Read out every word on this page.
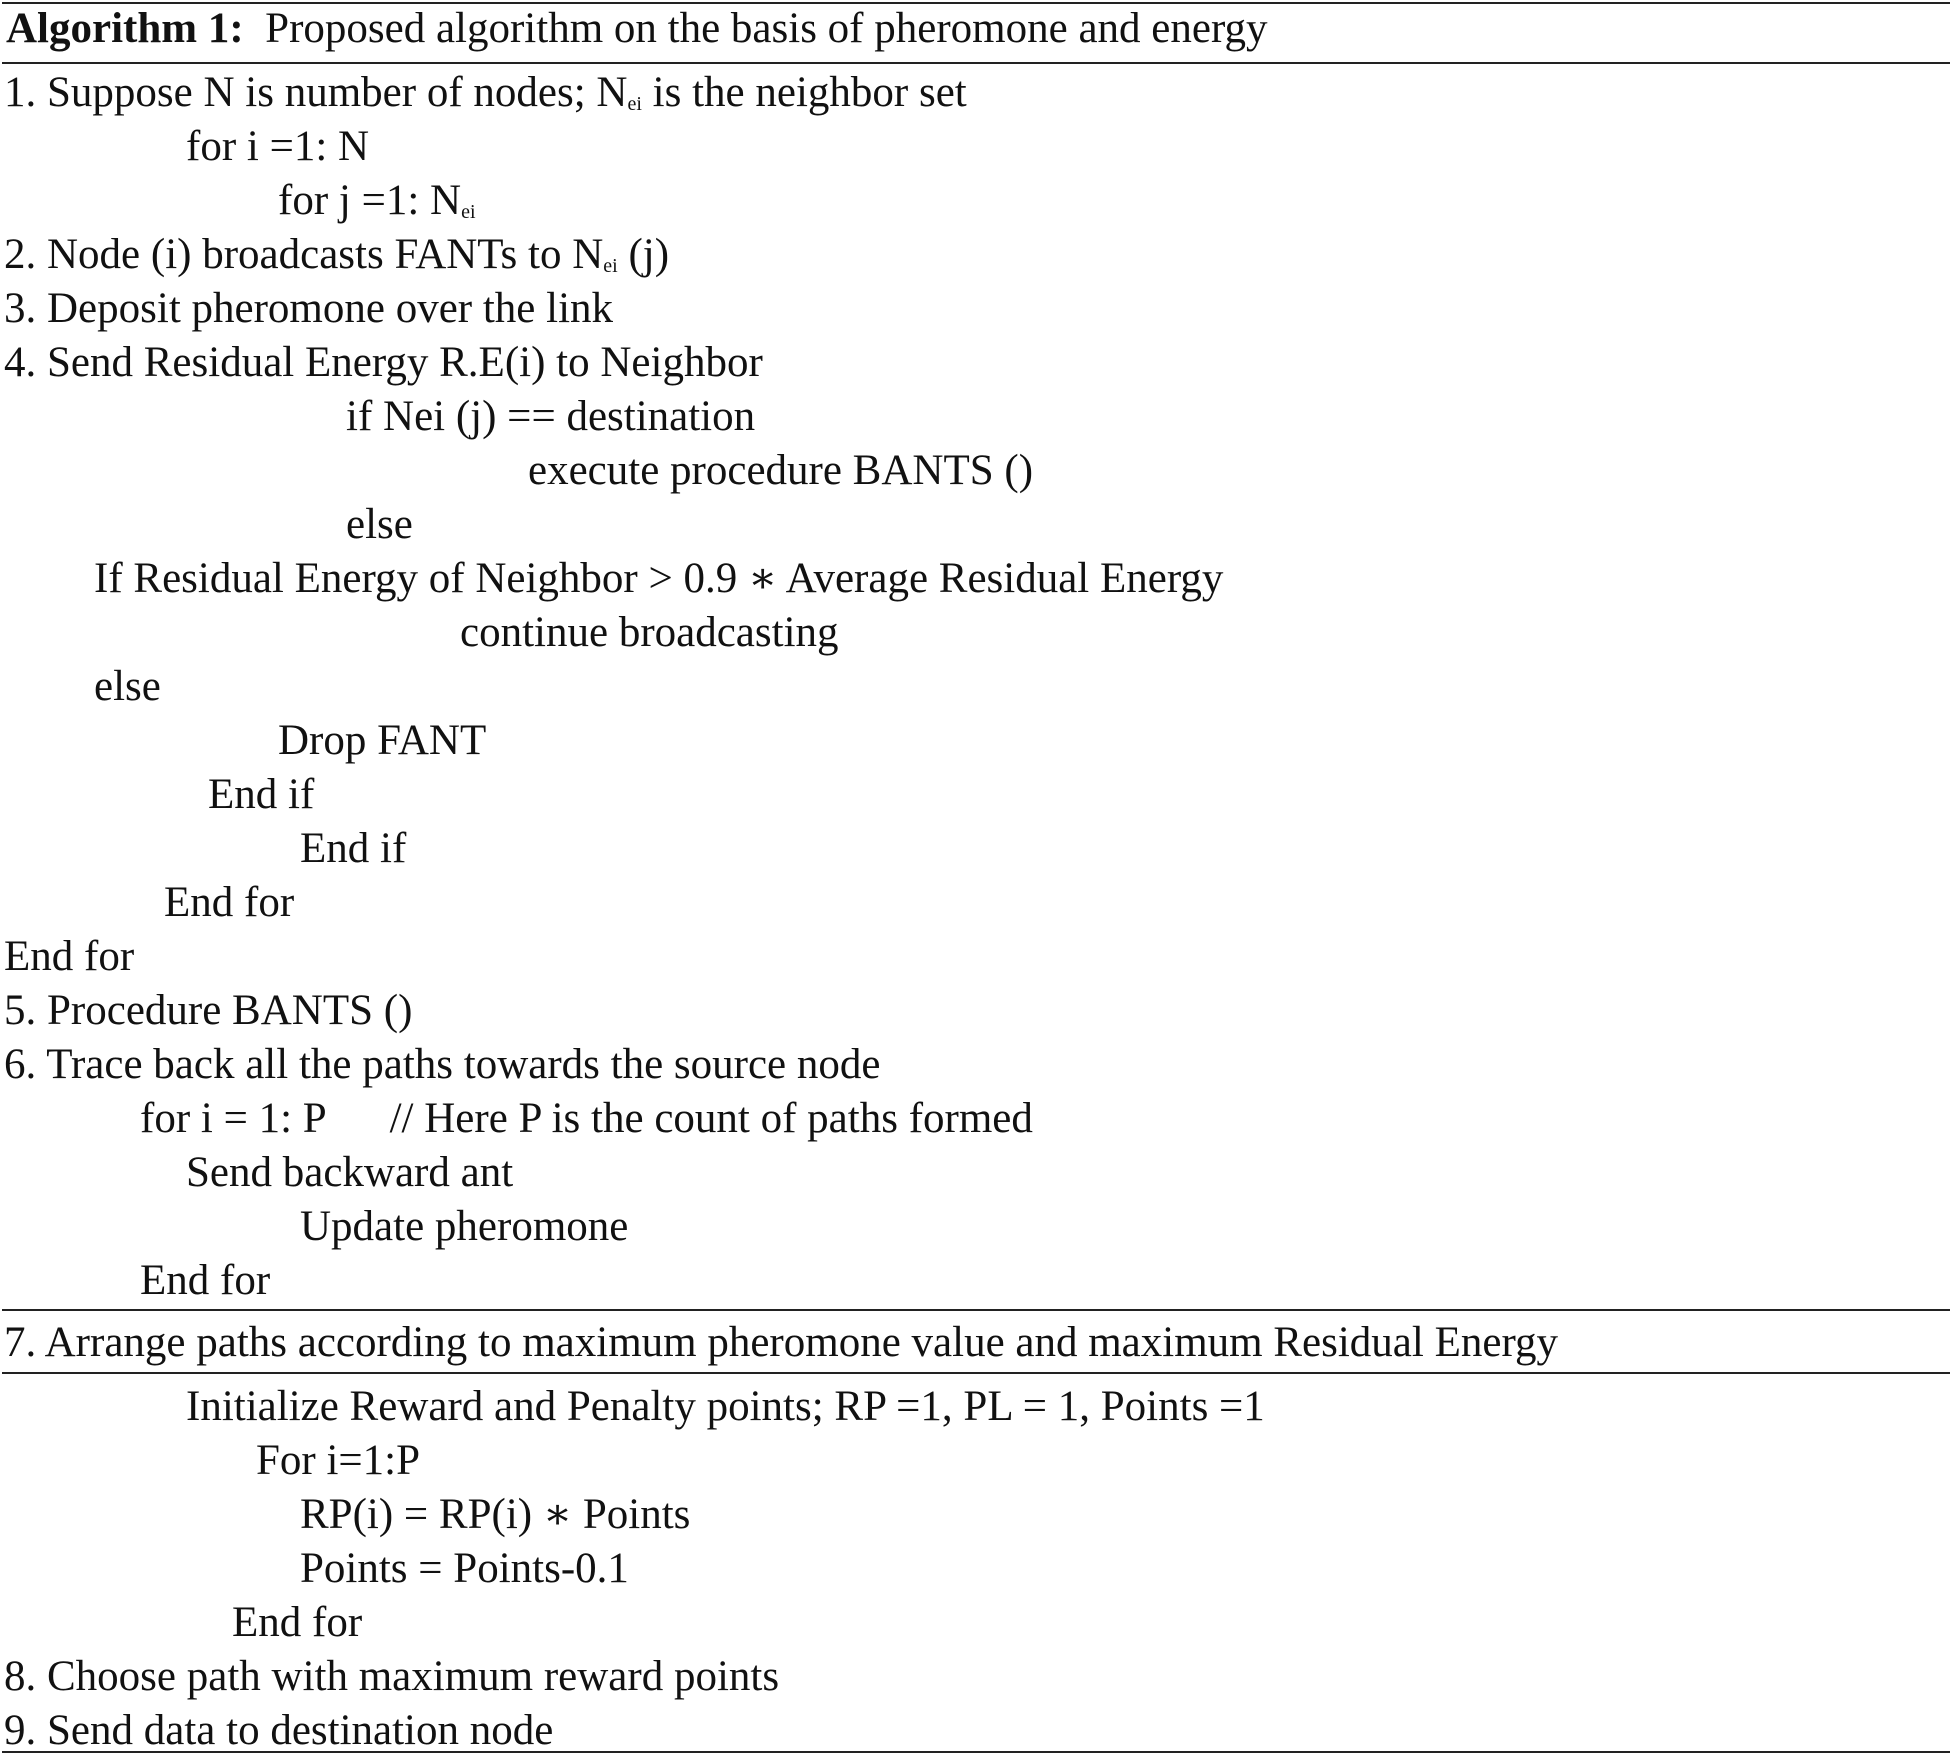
Algorithm 1: Proposed algorithm on the basis of pheromone and energy
1. Suppose N is number of nodes; $N_{ei}$ is the neighbor set
for i =1: N
for j =1: $N_{ei}$
2. Node (i) broadcasts FANTs to $N_{ei}$ (j)
3. Deposit pheromone over the link
4. Send Residual Energy R.E(i) to Neighbor
if Nei (j) == destination
execute procedure BANTS ()
else
If Residual Energy of Neighbor > 0.9 ∗ Average Residual Energy
continue broadcasting
else
Drop FANT
End if
End if
End for
End for
5. Procedure BANTS ()
6. Trace back all the paths towards the source node
for i = 1: P      // Here P is the count of paths formed
Send backward ant
Update pheromone
End for
7. Arrange paths according to maximum pheromone value and maximum Residual Energy
Initialize Reward and Penalty points; RP =1, PL = 1, Points =1
For i=1:P
RP(i) = RP(i) ∗ Points
Points = Points-0.1
End for
8. Choose path with maximum reward points
9. Send data to destination node
